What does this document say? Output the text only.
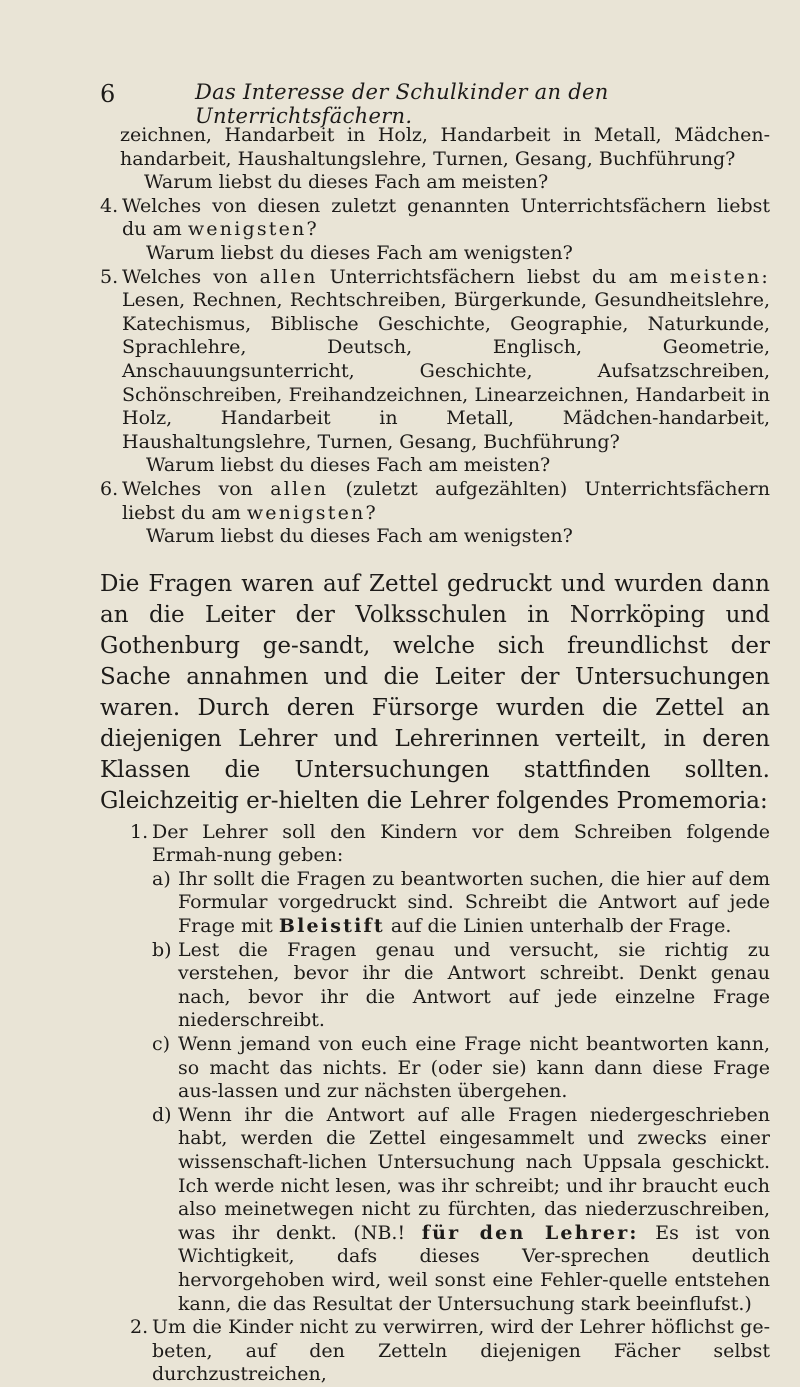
6	Das Interesse der Schulkinder an den Unterrichtsfächern.
zeichnen, Handarbeit in Holz, Handarbeit in Metall, Mädchen-handarbeit, Haushaltungslehre, Turnen, Gesang, Buchführung?
Warum liebst du dieses Fach am meisten?
4. Welches von diesen zuletzt genannten Unterrichtsfächern liebst du am wenigsten?
Warum liebst du dieses Fach am wenigsten?
5. Welches von allen Unterrichtsfächern liebst du am meisten: Lesen, Rechnen, Rechtschreiben, Bürgerkunde, Gesundheitslehre, Katechismus, Biblische Geschichte, Geographie, Naturkunde, Sprachlehre, Deutsch, Englisch, Geometrie, Anschauungsunterricht, Geschichte, Aufsatzschreiben, Schönschreiben, Freihandzeichnen, Linearzeichnen, Handarbeit in Holz, Handarbeit in Metall, Mädchen-handarbeit, Haushaltungslehre, Turnen, Gesang, Buchführung?
Warum liebst du dieses Fach am meisten?
6. Welches von allen (zuletzt aufgezählten) Unterrichtsfächern liebst du am wenigsten?
Warum liebst du dieses Fach am wenigsten?
Die Fragen waren auf Zettel gedruckt und wurden dann an die Leiter der Volksschulen in Norrköping und Gothenburg ge-sandt, welche sich freundlichst der Sache annahmen und die Leiter der Untersuchungen waren. Durch deren Fürsorge wurden die Zettel an diejenigen Lehrer und Lehrerinnen verteilt, in deren Klassen die Untersuchungen stattfinden sollten. Gleichzeitig er-hielten die Lehrer folgendes Promemoria:
1. Der Lehrer soll den Kindern vor dem Schreiben folgende Ermah-nung geben:
a) Ihr sollt die Fragen zu beantworten suchen, die hier auf dem Formular vorgedruckt sind. Schreibt die Antwort auf jede Frage mit Bleistift auf die Linien unterhalb der Frage.
b) Lest die Fragen genau und versucht, sie richtig zu verstehen, bevor ihr die Antwort schreibt. Denkt genau nach, bevor ihr die Antwort auf jede einzelne Frage niederschreibt.
c) Wenn jemand von euch eine Frage nicht beantworten kann, so macht das nichts. Er (oder sie) kann dann diese Frage aus-lassen und zur nächsten übergehen.
d) Wenn ihr die Antwort auf alle Fragen niedergeschrieben habt, werden die Zettel eingesammelt und zwecks einer wissenschaft-lichen Untersuchung nach Uppsala geschickt. Ich werde nicht lesen, was ihr schreibt; und ihr braucht euch also meinetwegen nicht zu fürchten, das niederzuschreiben, was ihr denkt. (NB.! für den Lehrer: Es ist von Wichtigkeit, dafs dieses Ver-sprechen deutlich hervorgehoben wird, weil sonst eine Fehler-quelle entstehen kann, die das Resultat der Untersuchung stark beeinflufst.)
2. Um die Kinder nicht zu verwirren, wird der Lehrer höflichst ge-beten, auf den Zetteln diejenigen Fächer selbst durchzustreichen,
